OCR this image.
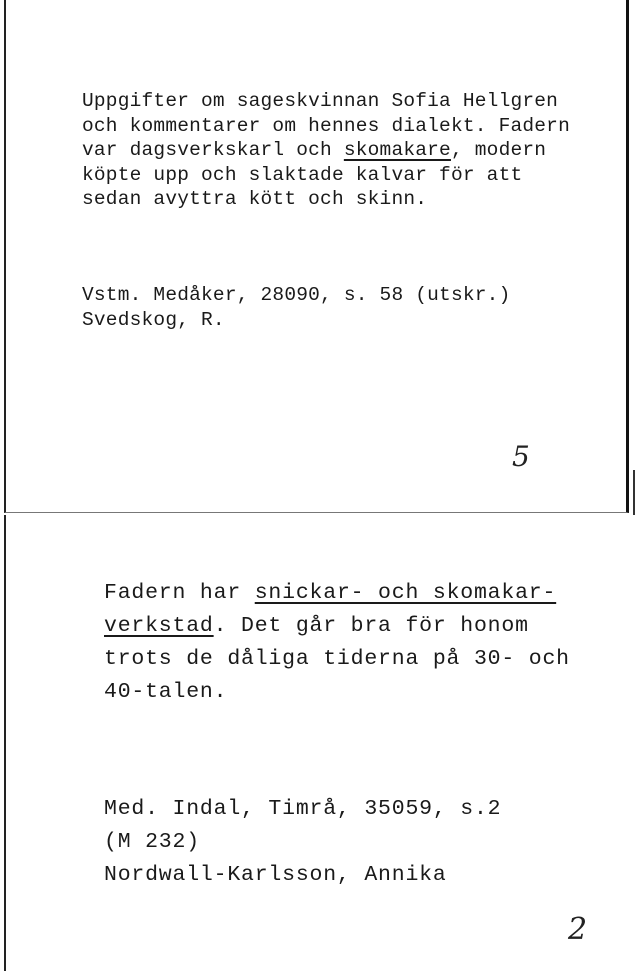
Uppgifter om sageskvinnan Sofia Hellgren
och kommentarer om hennes dialekt. Fadern
var dagsverkskarl och skomakare, modern
köpte upp och slaktade kalvar för att
sedan avyttra kött och skinn.
Vstm. Medåker, 28090, s. 58 (utskr.)
Svedskog, R.
5
Fadern har snickar- och skomakar-
verkstad. Det går bra för honom
trots de dåliga tiderna på 30- och
40-talen.
Med. Indal, Timrå, 35059, s.2
(M 232)
Nordwall-Karlsson, Annika
2
